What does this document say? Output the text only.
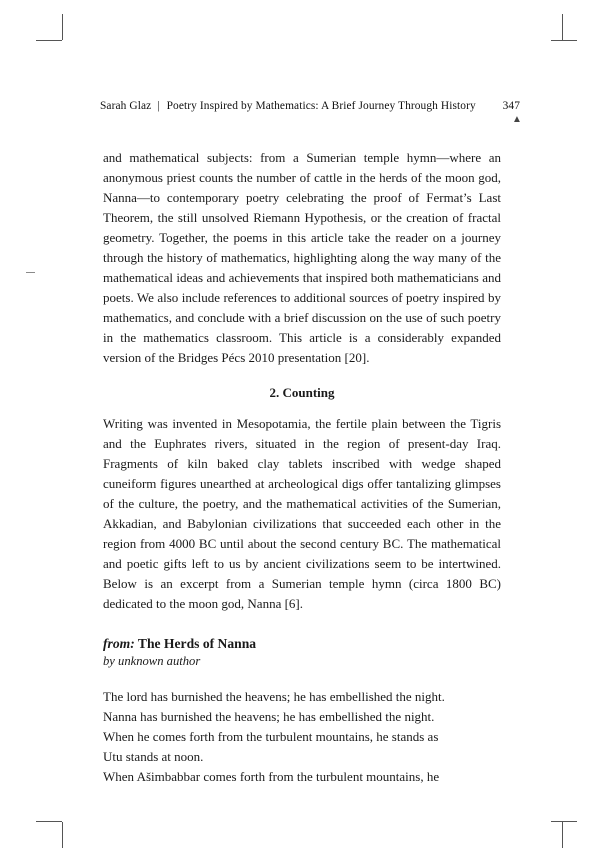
347
Sarah Glaz | Poetry Inspired by Mathematics: A Brief Journey Through History
▲

and mathematical subjects: from a Sumerian temple hymn—where an anonymous priest counts the number of cattle in the herds of the moon god, Nanna—to contemporary poetry celebrating the proof of Fermat’s Last Theorem, the still unsolved Riemann Hypothesis, or the creation of fractal geometry. Together, the poems in this article take the reader on a journey through the history of mathematics, highlighting along the way many of the mathematical ideas and achievements that inspired both mathematicians and poets. We also include references to additional sources of poetry inspired by mathematics, and conclude with a brief discussion on the use of such poetry in the mathematics classroom. This article is a considerably expanded version of the Bridges Pécs 2010 presentation [20].

2. Counting

Writing was invented in Mesopotamia, the fertile plain between the Tigris and the Euphrates rivers, situated in the region of present-day Iraq. Fragments of kiln baked clay tablets inscribed with wedge shaped cuneiform figures unearthed at archeological digs offer tantalizing glimpses of the culture, the poetry, and the mathematical activities of the Sumerian, Akkadian, and Babylonian civilizations that succeeded each other in the region from 4000 BC until about the second century BC. The mathematical and poetic gifts left to us by ancient civilizations seem to be intertwined. Below is an excerpt from a Sumerian temple hymn (circa 1800 BC) dedicated to the moon god, Nanna [6].

from: The Herds of Nanna
by unknown author
The lord has burnished the heavens; he has embellished the night.
Nanna has burnished the heavens; he has embellished the night.
When he comes forth from the turbulent mountains, he stands as
Utu stands at noon.
When Ašimbabbar comes forth from the turbulent mountains, he
